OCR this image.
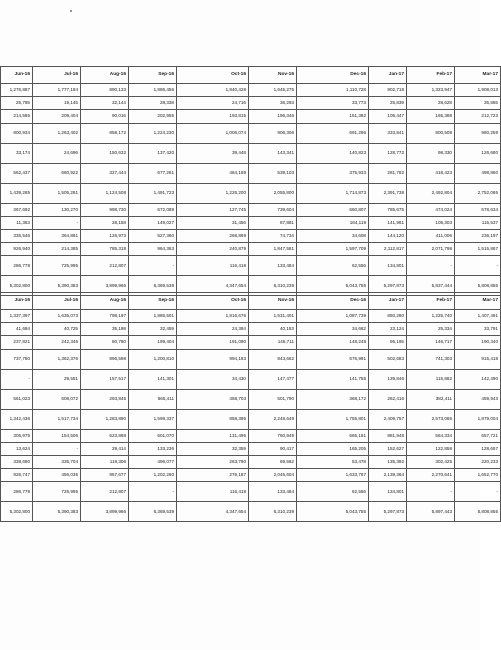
Jun-16	Jul-16	Aug-16	Sep-16	Oct-16	Nov-16	Dec-16	Jan-17	Feb-17	Mar-17
1,276,887	1,777,184	890,133	1,886,456	1,840,428	1,645,275	1,110,728	902,718	1,323,947	1,908,013
25,785	19,145	32,144	28,338	24,716	36,293	33,773	25,839	28,628	35,865
214,585	209,404	90,016	202,955	193,815	196,346	151,382	105,447	165,388	212,723
800,934	1,263,402	858,172	1,224,230	1,006,074	906,306	691,296	333,841	800,508	980,259
33,174	24,696	150,632	137,420	39,448	143,341	140,823	128,772	98,330	126,680
562,437	660,922	327,444	677,261	464,189	539,103	375,933	281,782	418,423	498,860
1,439,265	1,505,261	1,124,508	1,491,723	1,226,200	2,055,800	1,714,873	2,391,738	2,492,804	2,752,065
367,692	130,270	998,730	672,089	127,745	739,604	660,807	785,675	474,024	578,634
11,363	-	28,158	149,027	31,456	87,881	164,119	141,961	105,303	115,537
335,546	364,861	126,973	527,360	268,869	74,734	34,608	144,120	411,006	236,197
926,940	214,385	785,318	964,363	240,879	1,847,581	1,597,709	2,112,817	2,071,798	1,515,867
286,778	725,995	212,807	-	116,418	133,484	62,556	134,801	-	-
5,302,800	5,390,383	3,899,966	6,369,539	4,347,654	6,310,239	5,043,755	5,297,873	5,837,444	5,808,855
Jun-16	Jul-16	Aug-16	Sep-16	Oct-16	Nov-16	Dec-16	Jan-17	Feb-17	Mar-17
1,337,397	1,635,073	798,197	1,885,501	1,816,676	1,531,401	1,087,739	850,280	1,225,740	1,407,491
41,684	40,725	35,198	32,459	24,384	40,183	34,662	23,124	25,334	33,791
237,821	242,346	80,780	199,404	191,090	145,711	148,248	95,195	146,717	190,340
737,780	1,362,376	896,598	1,200,810	994,183	843,662	676,991	502,683	741,303	915,418
-	29,551	157,517	141,301	34,430	147,477	141,755	139,846	115,882	142,490
561,023	608,072	293,845	665,411	458,703	501,790	368,172	262,416	382,411	459,943
1,342,436	1,517,734	1,283,890	1,598,337	858,395	2,248,649	1,755,801	2,409,757	2,573,065	1,879,004
305,975	154,506	623,868	601,070	131,495	760,949	665,181	881,948	564,334	657,721
13,624	-	29,414	133,236	32,359	90,417	165,205	152,627	122,858	128,657
338,690	335,704	119,306	496,077	263,790	69,562	53,478	135,392	302,425	220,233
926,747	456,035	957,677	1,202,260	276,187	2,045,604	1,633,767	2,139,364	2,270,641	1,652,770
286,778	725,995	212,807	-	116,418	133,484	62,556	134,801	-	-
5,302,800	5,390,383	3,899,966	6,369,539	4,347,654	6,310,239	5,043,755	5,297,873	5,897,443	5,808,855
